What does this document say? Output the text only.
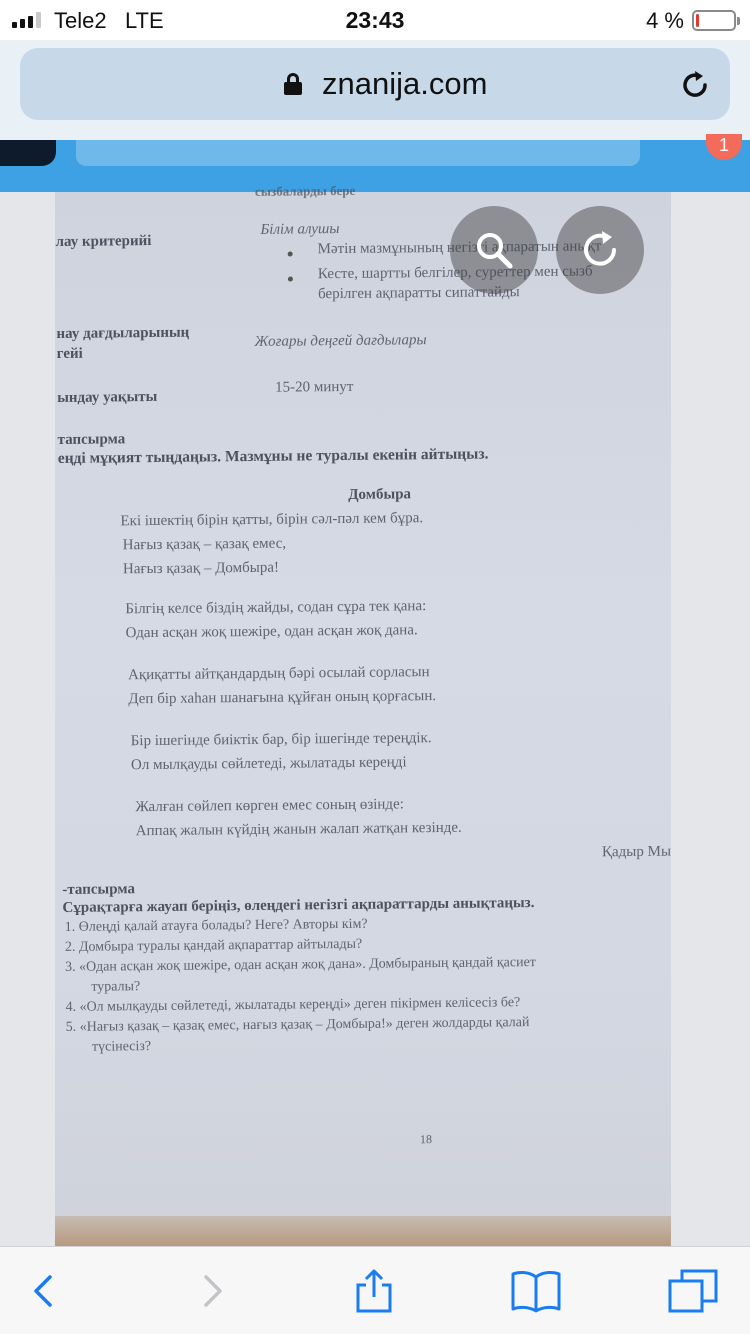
Tele2 LTE	23:43	4 %
znanija.com
1
сызбаларды бере
лау критерийі
Білім алушы
Мәтін мазмұнының негізгі ақпаратын анықт
Кесте, шартты белгілер, суреттер мен сызб
берілген ақпаратты сипаттайды
нау дағдыларының
гейі
Жоғары деңгей дағдылары
ындау уақыты
15-20 минут
тапсырма
еңді мұқият тыңдаңыз. Мазмұны не туралы екенін айтыңыз.
Домбыра
Екі ішектің бірін қатты, бірін сәл-пәл кем бұра.
Нағыз қазақ – қазақ емес,
Нағыз қазақ – Домбыра!
Білгің келсе біздің жайды, содан сұра тек қана:
Одан асқан жоқ шежіре, одан асқан жоқ дана.
Ақиқатты айтқандардың бәрі осылай сорласын
Деп бір хаһан шанағына құйған оның қорғасын.
Бір ішегінде биіктік бар, бір ішегінде тереңдік.
Ол мылқауды сөйлетеді, жылатады кереңді
Жалған сөйлеп көрген емес соның өзінде:
Аппақ жалын күйдің жанын жалап жатқан кезінде.
Қадыр Мы
-тапсырма
Сұрақтарға жауап беріңіз, өлеңдегі негізгі ақпараттарды анықтаңыз.
1. Өлеңді қалай атауға болады? Неге? Авторы кім?
2. Домбыра туралы қандай ақпараттар айтылады?
3. «Одан асқан жоқ шежіре, одан асқан жоқ дана». Домбыраның қандай қасиет
туралы?
4. «Ол мылқауды сөйлетеді, жылатады кереңді» деген пікірмен келісесіз бе?
5. «Нағыз қазақ – қазақ емес, нағыз қазақ – Домбыра!» деген жолдарды қалай
түсінесіз?
18
